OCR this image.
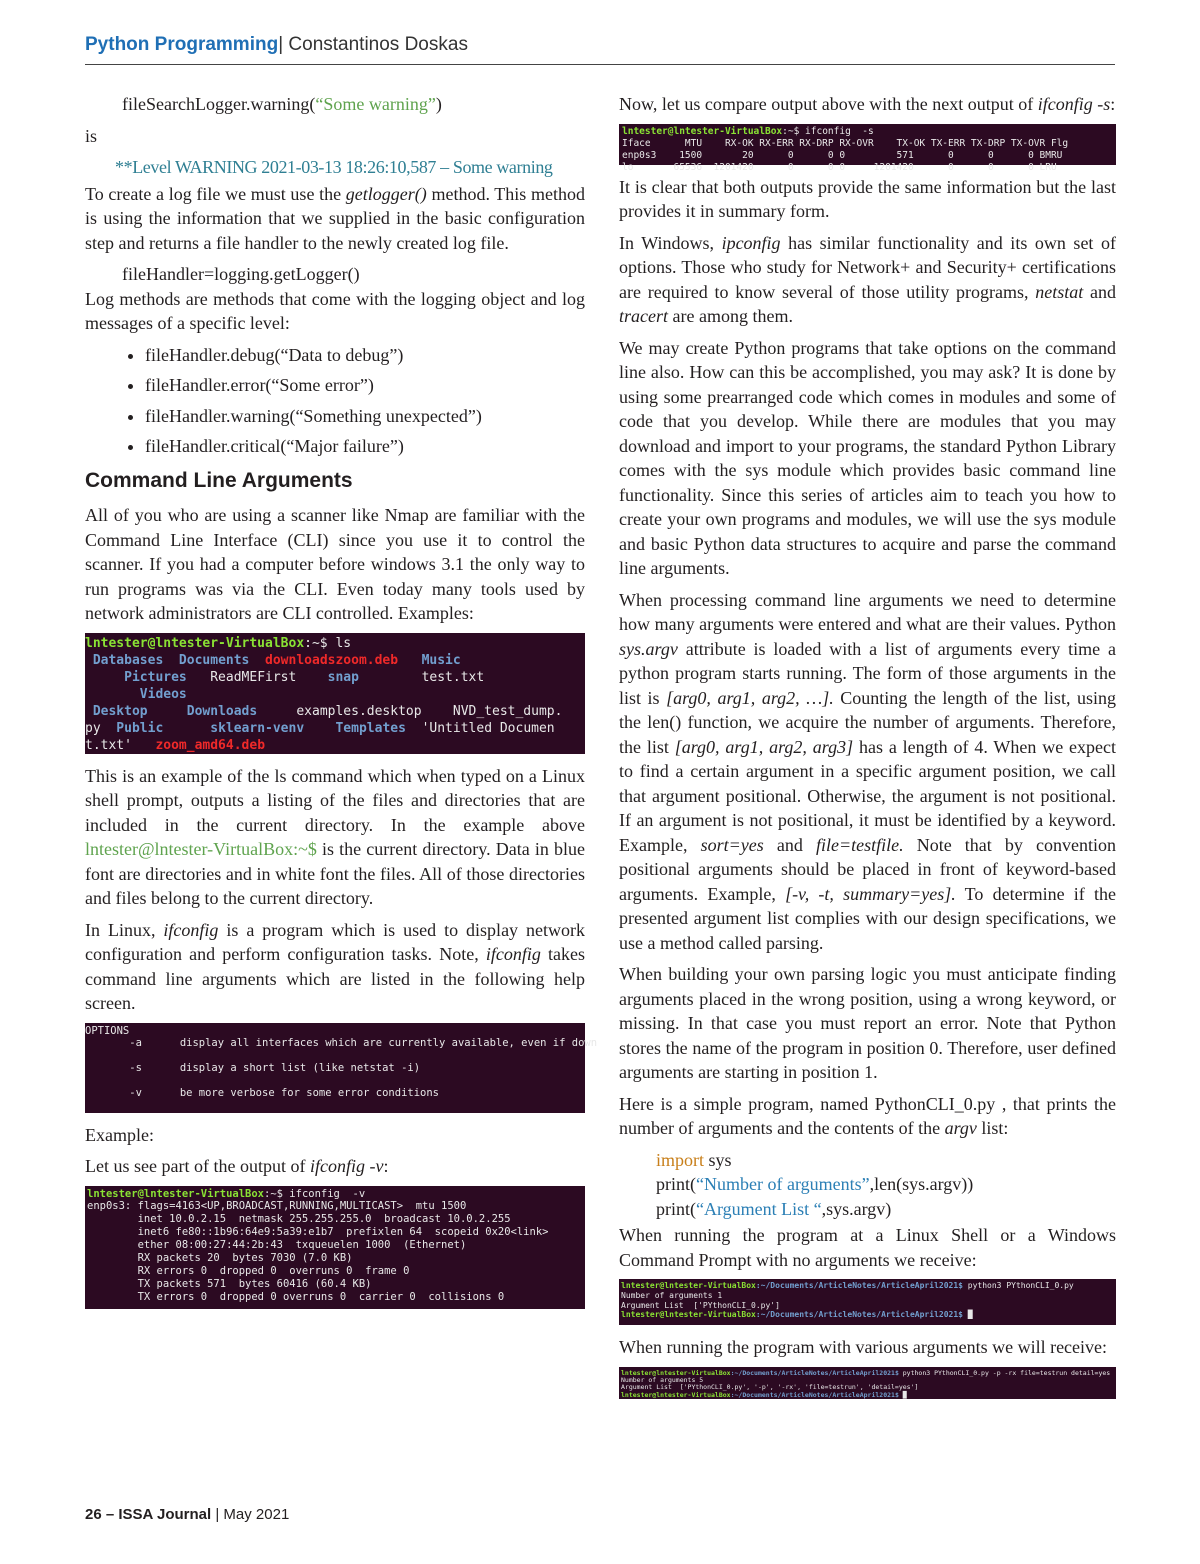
Python Programming| Constantinos Doskas

fileSearchLogger.warning(“Some warning”)

is

**Level WARNING 2021-03-13 18:26:10,587 – Some warning

To create a log file we must use the getlogger() method. This method is using the information that we supplied in the basic configuration step and returns a file handler to the newly created log file.

fileHandler=logging.getLogger()

Log methods are methods that come with the logging object and log messages of a specific level:

• fileHandler.debug(“Data to debug”)
• fileHandler.error(“Some error”)
• fileHandler.warning(“Something unexpected”)
• fileHandler.critical(“Major failure”)
Command Line Arguments

All of you who are using a scanner like Nmap are familiar with the Command Line Interface (CLI) since you use it to control the scanner. If you had a computer before windows 3.1 the only way to run programs was via the CLI. Even today many tools used by network administrators are CLI controlled. Examples:

lntester@lntester-VirtualBox:~$ ls
Databases  Documents  downloadszoom.deb   Music
Pictures   ReadMEFirst    snap        test.txt
Videos
Desktop     Downloads     examples.desktop    NVD_test_dump.
py  Public      sklearn-venv    Templates  'Untitled Documen
t.txt'   zoom_amd64.deb

This is an example of the ls command which when typed on a Linux shell prompt, outputs a listing of the files and directories that are included in the current directory. In the example above lntester@lntester-VirtualBox:~$ is the current directory. Data in blue font are directories and in white font the files. All of those directories and files belong to the current directory.

In Linux, ifconfig is a program which is used to display network configuration and perform configuration tasks. Note, ifconfig takes command line arguments which are listed in the following help screen.

OPTIONS
-a      display all interfaces which are currently available, even if down

-s      display a short list (like netstat -i)

-v      be more verbose for some error conditions

Example:

Let us see part of the output of ifconfig -v:

lntester@lntester-VirtualBox:~$ ifconfig  -v
enp0s3: flags=4163<UP,BROADCAST,RUNNING,MULTICAST>  mtu 1500
inet 10.0.2.15  netmask 255.255.255.0  broadcast 10.0.2.255
inet6 fe80::1b96:64e9:5a39:e1b7  prefixlen 64  scopeid 0x20<link>
ether 08:00:27:44:2b:43  txqueuelen 1000  (Ethernet)
RX packets 20  bytes 7030 (7.0 KB)
RX errors 0  dropped 0  overruns 0  frame 0
TX packets 571  bytes 60416 (60.4 KB)
TX errors 0  dropped 0 overruns 0  carrier 0  collisions 0

Now, let us compare output above with the next output of ifconfig -s:

lntester@lntester-VirtualBox:~$ ifconfig  -s
Iface      MTU    RX-OK RX-ERR RX-DRP RX-OVR    TX-OK TX-ERR TX-DRP TX-OVR Flg
enp0s3    1500       20      0      0 0         571      0      0      0 BMRU
lo       65536  1201420      0      0 0     1201420      0      0      0 LRU

It is clear that both outputs provide the same information but the last provides it in summary form.

In Windows, ipconfig has similar functionality and its own set of options. Those who study for Network+ and Security+ certifications are required to know several of those utility programs, netstat and tracert are among them.

We may create Python programs that take options on the command line also. How can this be accomplished, you may ask? It is done by using some prearranged code which comes in modules and some of code that you develop. While there are modules that you may download and import to your programs, the standard Python Library comes with the sys module which provides basic command line functionality. Since this series of articles aim to teach you how to create your own programs and modules, we will use the sys module and basic Python data structures to acquire and parse the command line arguments.

When processing command line arguments we need to determine how many arguments were entered and what are their values. Python sys.argv attribute is loaded with a list of arguments every time a python program starts running. The form of those arguments in the list is [arg0, arg1, arg2, …]. Counting the length of the list, using the len() function, we acquire the number of arguments. Therefore, the list [arg0, arg1, arg2, arg3] has a length of 4. When we expect to find a certain argument in a specific argument position, we call that argument positional. Otherwise, the argument is not positional. If an argument is not positional, it must be identified by a keyword. Example, sort=yes and file=testfile. Note that by convention positional arguments should be placed in front of keyword-based arguments. Example, [-v, -t, summary=yes]. To determine if the presented argument list complies with our design specifications, we use a method called parsing.

When building your own parsing logic you must anticipate finding arguments placed in the wrong position, using a wrong keyword, or missing. In that case you must report an error. Note that Python stores the name of the program in position 0. Therefore, user defined arguments are starting in position 1.

Here is a simple program, named PythonCLI_0.py , that prints the number of arguments and the contents of the argv list:

import sys

print(“Number of arguments”,len(sys.argv))

print(“Argument List “,sys.argv)

When running the program at a Linux Shell or a Windows Command Prompt with no arguments we receive:

lntester@lntester-VirtualBox:~/Documents/ArticleNotes/ArticleApril2021$ python3 PYthonCLI_0.py
Number of arguments 1
Argument List  ['PYthonCLI_0.py']
lntester@lntester-VirtualBox:~/Documents/ArticleNotes/ArticleApril2021$ █

When running the program with various arguments we will receive:

lntester@lntester-VirtualBox:~/Documents/ArticleNotes/ArticleApril2021$ python3 PYthonCLI_0.py -p -rx file=testrun detail=yes
Number of arguments 5
Argument List  ['PYthonCLI_0.py', '-p', '-rx', 'file=testrun', 'detail=yes']
lntester@lntester-VirtualBox:~/Documents/ArticleNotes/ArticleApril2021$ █
26 – ISSA Journal | May 2021
